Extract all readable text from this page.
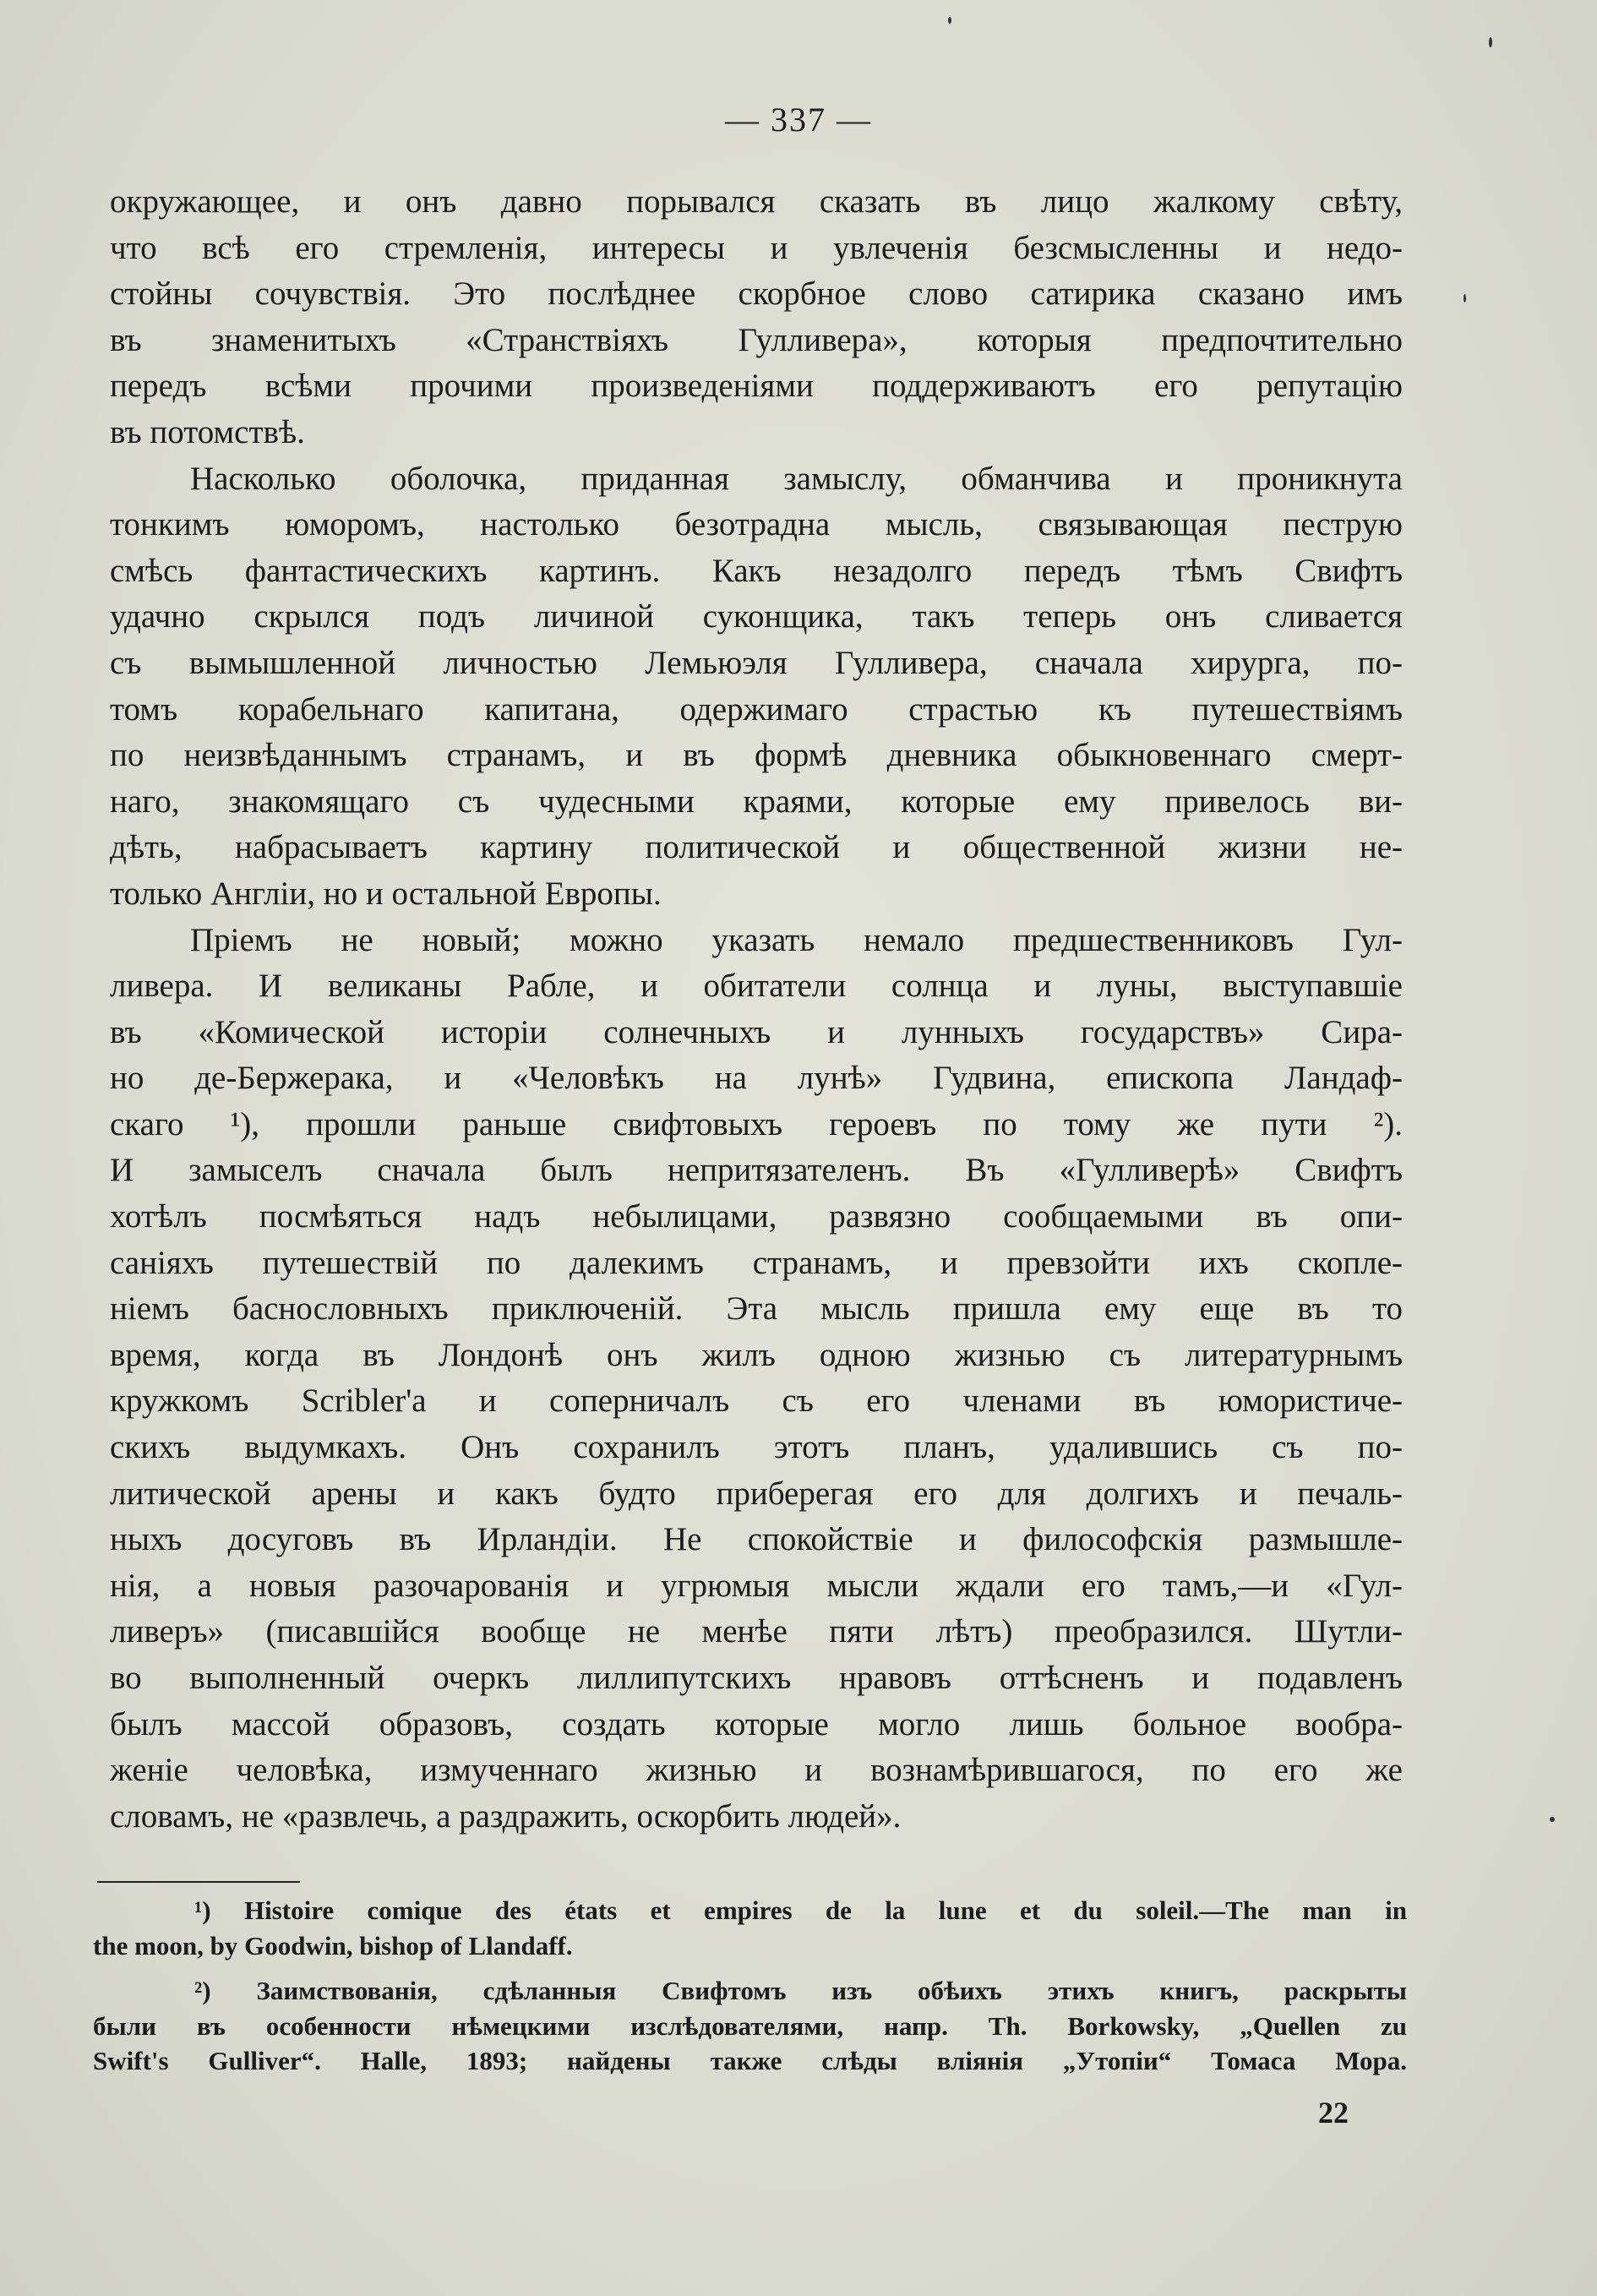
— 337 —
окружающее, и онъ давно порывался сказать въ лицо жалкому свѣту,
что всѣ его стремленія, интересы и увлеченія безсмысленны и недо-
стойны сочувствія. Это послѣднее скорбное слово сатирика сказано имъ
въ знаменитыхъ «Странствіяхъ Гулливера», которыя предпочтительно
передъ всѣми прочими произведеніями поддерживаютъ его репутацію
въ потомствѣ.
Насколько оболочка, приданная замыслу, обманчива и проникнута
тонкимъ юморомъ, настолько безотрадна мысль, связывающая пеструю
смѣсь фантастическихъ картинъ. Какъ незадолго передъ тѣмъ Свифтъ
удачно скрылся подъ личиной суконщика, такъ теперь онъ сливается
съ вымышленной личностью Лемьюэля Гулливера, сначала хирурга, по-
томъ корабельнаго капитана, одержимаго страстью къ путешествіямъ
по неизвѣданнымъ странамъ, и въ формѣ дневника обыкновеннаго смерт-
наго, знакомящаго съ чудесными краями, которые ему привелось ви-
дѣть, набрасываетъ картину политической и общественной жизни не-
только Англіи, но и остальной Европы.
Пріемъ не новый; можно указать немало предшественниковъ Гул-
ливера. И великаны Рабле, и обитатели солнца и луны, выступавшіе
въ «Комической исторіи солнечныхъ и лунныхъ государствъ» Сира-
но де-Бержерака, и «Человѣкъ на лунѣ» Гудвина, епископа Ландаф-
скаго ¹), прошли раньше свифтовыхъ героевъ по тому же пути ²).
И замыселъ сначала былъ непритязателенъ. Въ «Гулливерѣ» Свифтъ
хотѣлъ посмѣяться надъ небылицами, развязно сообщаемыми въ опи-
саніяхъ путешествій по далекимъ странамъ, и превзойти ихъ скопле-
ніемъ баснословныхъ приключеній. Эта мысль пришла ему еще въ то
время, когда въ Лондонѣ онъ жилъ одною жизнью съ литературнымъ
кружкомъ Scribler'а и соперничалъ съ его членами въ юмористиче-
скихъ выдумкахъ. Онъ сохранилъ этотъ планъ, удалившись съ по-
литической арены и какъ будто приберегая его для долгихъ и печаль-
ныхъ досуговъ въ Ирландіи. Не спокойствіе и философскія размышле-
нія, а новыя разочарованія и угрюмыя мысли ждали его тамъ,—и «Гул-
ливеръ» (писавшійся вообще не менѣе пяти лѣтъ) преобразился. Шутли-
во выполненный очеркъ лиллипутскихъ нравовъ оттѣсненъ и подавленъ
былъ массой образовъ, создать которые могло лишь больное вообра-
женіе человѣка, измученнаго жизнью и вознамѣрившагося, по его же
словамъ, не «развлечь, а раздражить, оскорбить людей».
¹) Histoire comique des états et empires de la lune et du soleil.—The man in
the moon, by Goodwin, bishop of Llandaff.
²) Заимствованія, сдѣланныя Свифтомъ изъ обѣихъ этихъ книгъ, раскрыты
были въ особенности нѣмецкими изслѣдователями, напр. Th. Borkowsky, „Quellen zu
Swift's Gulliver“. Halle, 1893; найдены также слѣды вліянія „Утопіи“ Томаса Мора.
22
